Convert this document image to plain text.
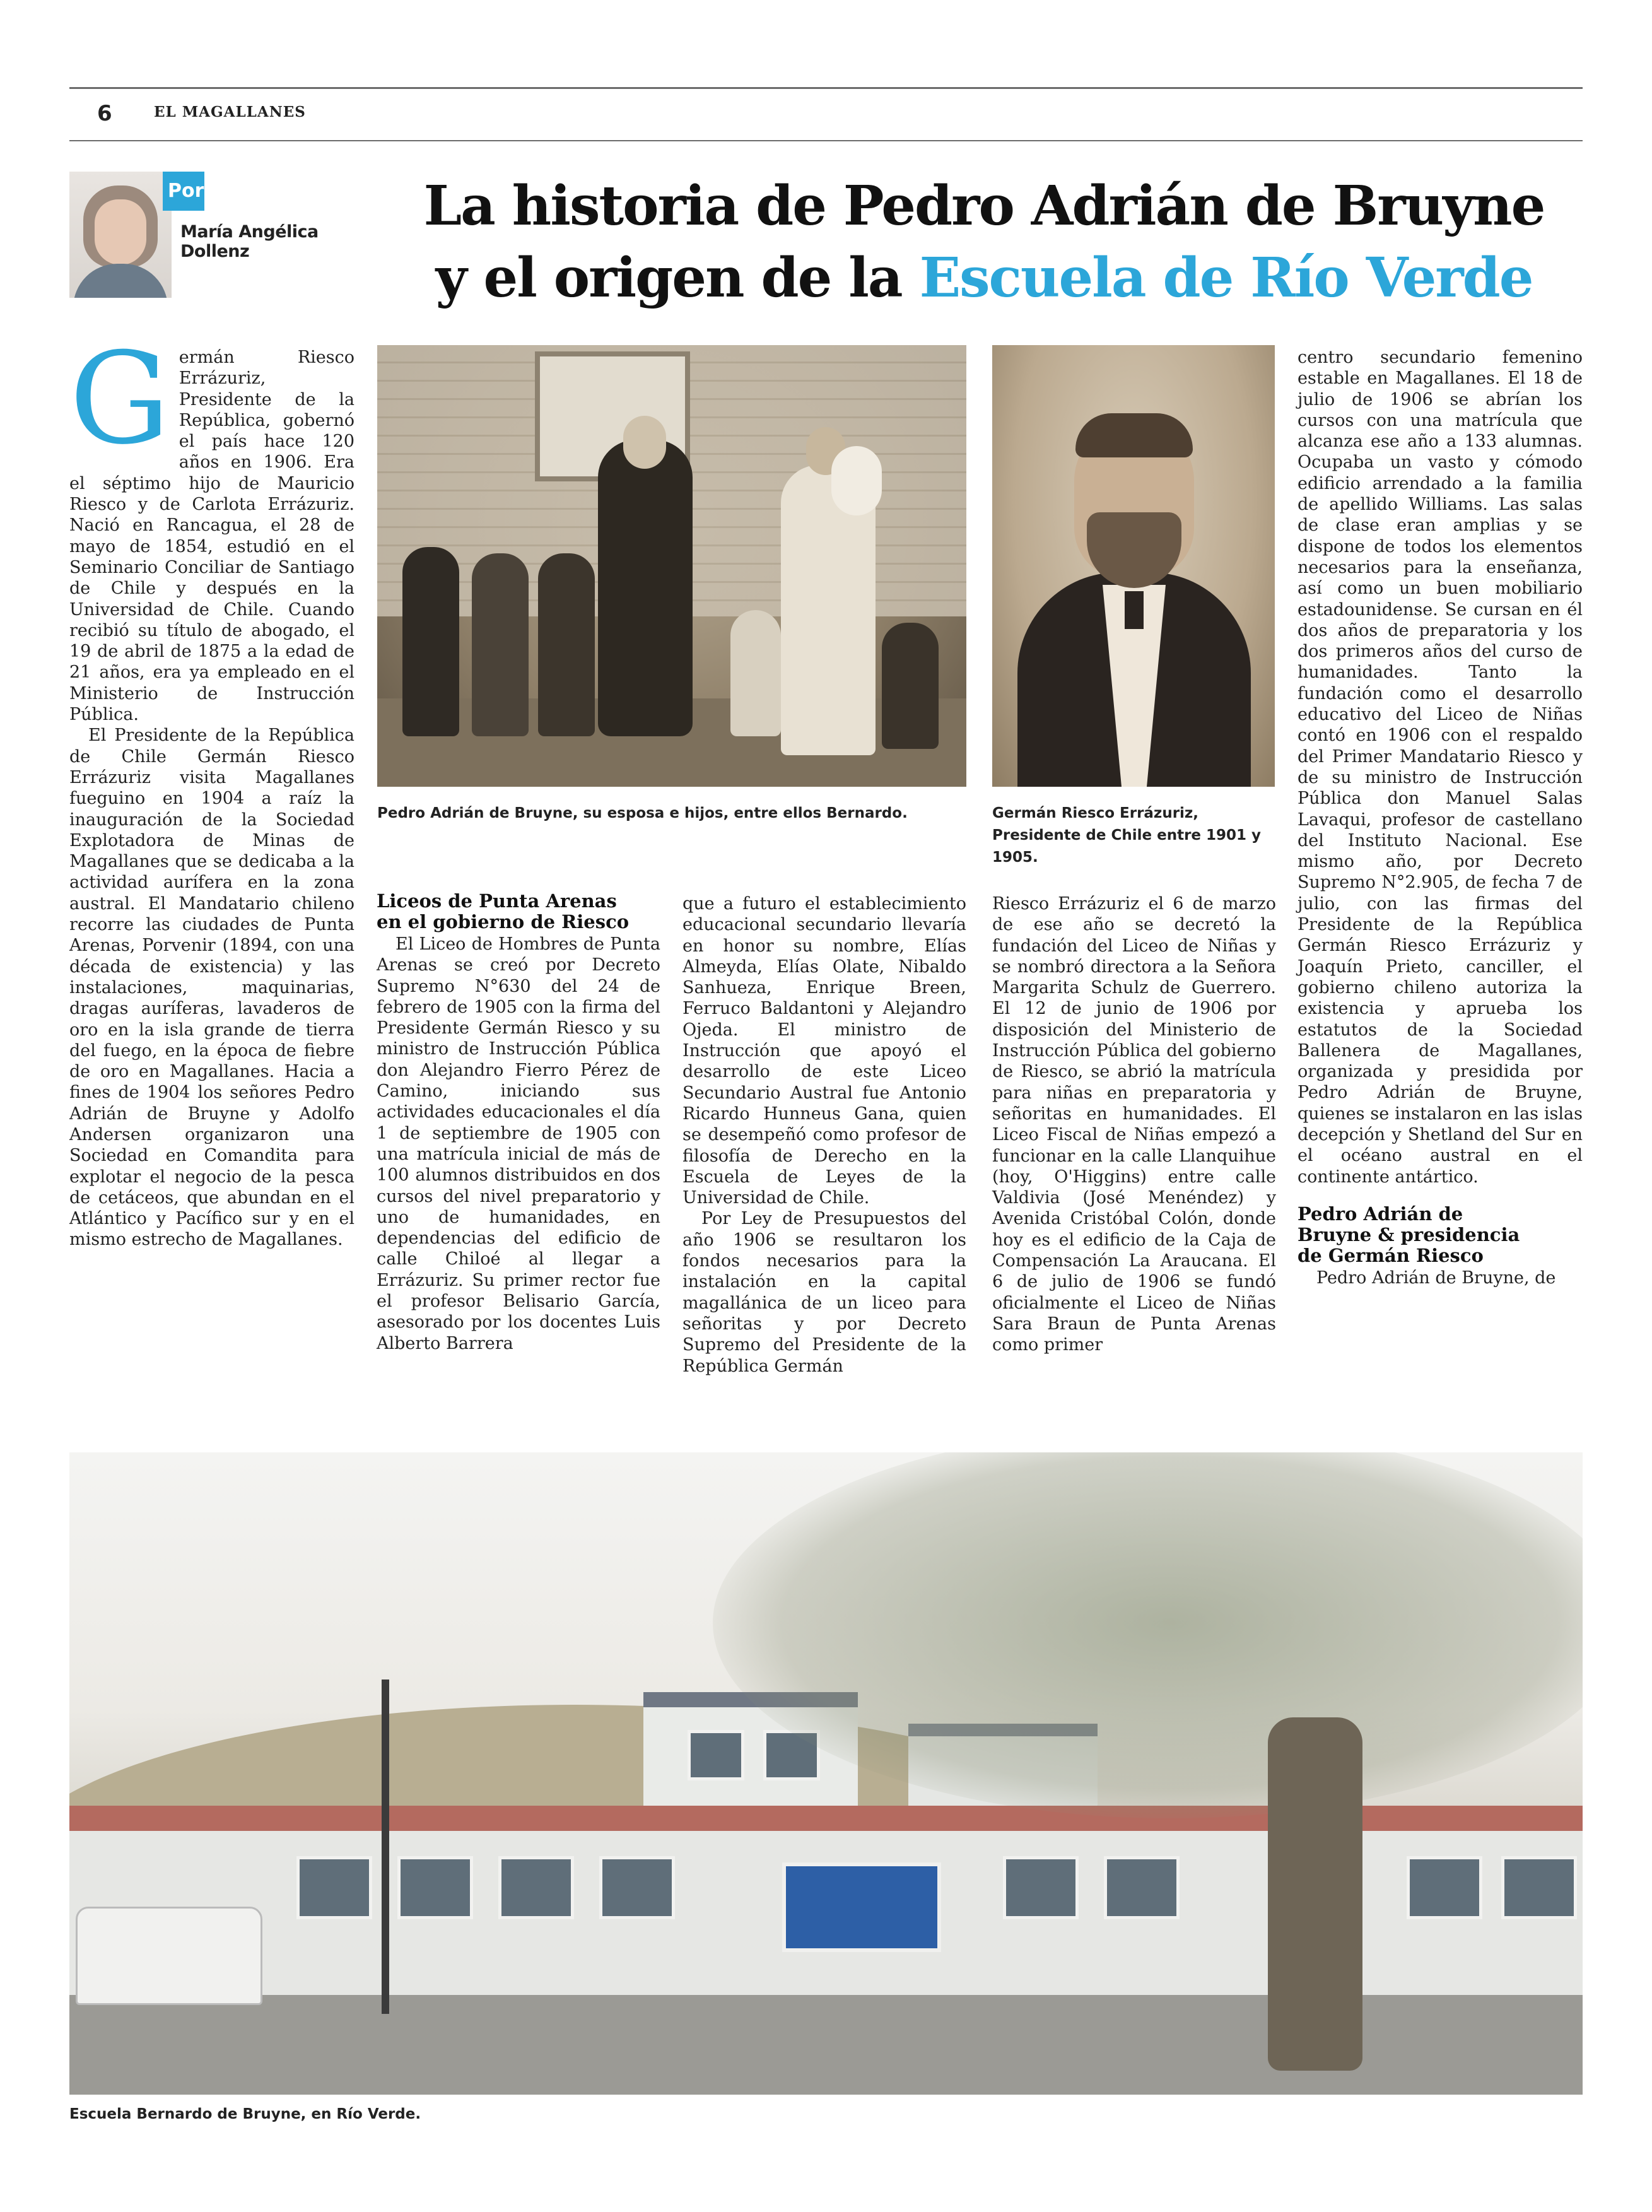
6	EL MAGALLANES
Por
María Angélica
Dollenz
La historia de Pedro Adrián de Bruyne
y el origen de la Escuela de Río Verde
G ermán Riesco Errázuriz, Presidente de la República, gobernó el país hace 120 años en 1906. Era el séptimo hijo de Mauricio Riesco y de Carlota Errázuriz. Nació en Rancagua, el 28 de mayo de 1854, estudió en el Seminario Conciliar de Santiago de Chile y después en la Universidad de Chile. Cuando recibió su título de abogado, el 19 de abril de 1875 a la edad de 21 años, era ya empleado en el Ministerio de Instrucción Pública.

El Presidente de la República de Chile Germán Riesco Errázuriz visita Magallanes fueguino en 1904 a raíz la inauguración de la Sociedad Explotadora de Minas de Magallanes que se dedicaba a la actividad aurífera en la zona austral. El Mandatario chileno recorre las ciudades de Punta Arenas, Porvenir (1894, con una década de existencia) y las instalaciones, maquinarias, dragas auríferas, lavaderos de oro en la isla grande de tierra del fuego, en la época de fiebre de oro en Magallanes. Hacia a fines de 1904 los señores Pedro Adrián de Bruyne y Adolfo Andersen organizaron una Sociedad en Comandita para explotar el negocio de la pesca de cetáceos, que abundan en el Atlántico y Pacífico sur y en el mismo estrecho de Magallanes.

Pedro Adrián de Bruyne, su esposa e hijos, entre ellos Bernardo.	Germán Riesco Errázuriz,
Presidente de Chile entre 1901 y
1905.
Liceos de Punta Arenas
en el gobierno de Riesco

El Liceo de Hombres de Punta Arenas se creó por Decreto Supremo N°630 del 24 de febrero de 1905 con la firma del Presidente Germán Riesco y su ministro de Instrucción Pública don Alejandro Fierro Pérez de Camino, iniciando sus actividades educacionales el día 1 de septiembre de 1905 con una matrícula inicial de más de 100 alumnos distribuidos en dos cursos del nivel preparatorio y uno de humanidades, en dependencias del edificio de calle Chiloé al llegar a Errázuriz. Su primer rector fue el profesor Belisario García, asesorado por los docentes Luis Alberto Barrera

que a futuro el establecimiento educacional secundario llevaría en honor su nombre, Elías Almeyda, Elías Olate, Nibaldo Sanhueza, Enrique Breen, Ferruco Baldantoni y Alejandro Ojeda. El ministro de Instrucción que apoyó el desarrollo de este Liceo Secundario Austral fue Antonio Ricardo Hunneus Gana, quien se desempeñó como profesor de filosofía de Derecho en la Escuela de Leyes de la Universidad de Chile.

Por Ley de Presupuestos del año 1906 se resultaron los fondos necesarios para la instalación en la capital magallánica de un liceo para señoritas y por Decreto Supremo del Presidente de la República Germán

Riesco Errázuriz el 6 de marzo de ese año se decretó la fundación del Liceo de Niñas y se nombró directora a la Señora Margarita Schulz de Guerrero. El 12 de junio de 1906 por disposición del Ministerio de Instrucción Pública del gobierno de Riesco, se abrió la matrícula para niñas en preparatoria y señoritas en humanidades. El Liceo Fiscal de Niñas empezó a funcionar en la calle Llanquihue (hoy, O'Higgins) entre calle Valdivia (José Menéndez) y Avenida Cristóbal Colón, donde hoy es el edificio de la Caja de Compensación La Araucana. El 6 de julio de 1906 se fundó oficialmente el Liceo de Niñas Sara Braun de Punta Arenas como primer

centro secundario femenino estable en Magallanes. El 18 de julio de 1906 se abrían los cursos con una matrícula que alcanza ese año a 133 alumnas. Ocupaba un vasto y cómodo edificio arrendado a la familia de apellido Williams. Las salas de clase eran amplias y se dispone de todos los elementos necesarios para la enseñanza, así como un buen mobiliario estadounidense. Se cursan en él dos años de preparatoria y los dos primeros años del curso de humanidades. Tanto la fundación como el desarrollo educativo del Liceo de Niñas contó en 1906 con el respaldo del Primer Mandatario Riesco y de su ministro de Instrucción Pública don Manuel Salas Lavaqui, profesor de castellano del Instituto Nacional. Ese mismo año, por Decreto Supremo N°2.905, de fecha 7 de julio, con las firmas del Presidente de la República Germán Riesco Errázuriz y Joaquín Prieto, canciller, el gobierno chileno autoriza la existencia y aprueba los estatutos de la Sociedad Ballenera de Magallanes, organizada y presidida por Pedro Adrián de Bruyne, quienes se instalaron en las islas decepción y Shetland del Sur en el océano austral en el continente antártico.

Pedro Adrián de
Bruyne & presidencia
de Germán Riesco

Pedro Adrián de Bruyne, de

Escuela Bernardo de Bruyne, en Río Verde.
